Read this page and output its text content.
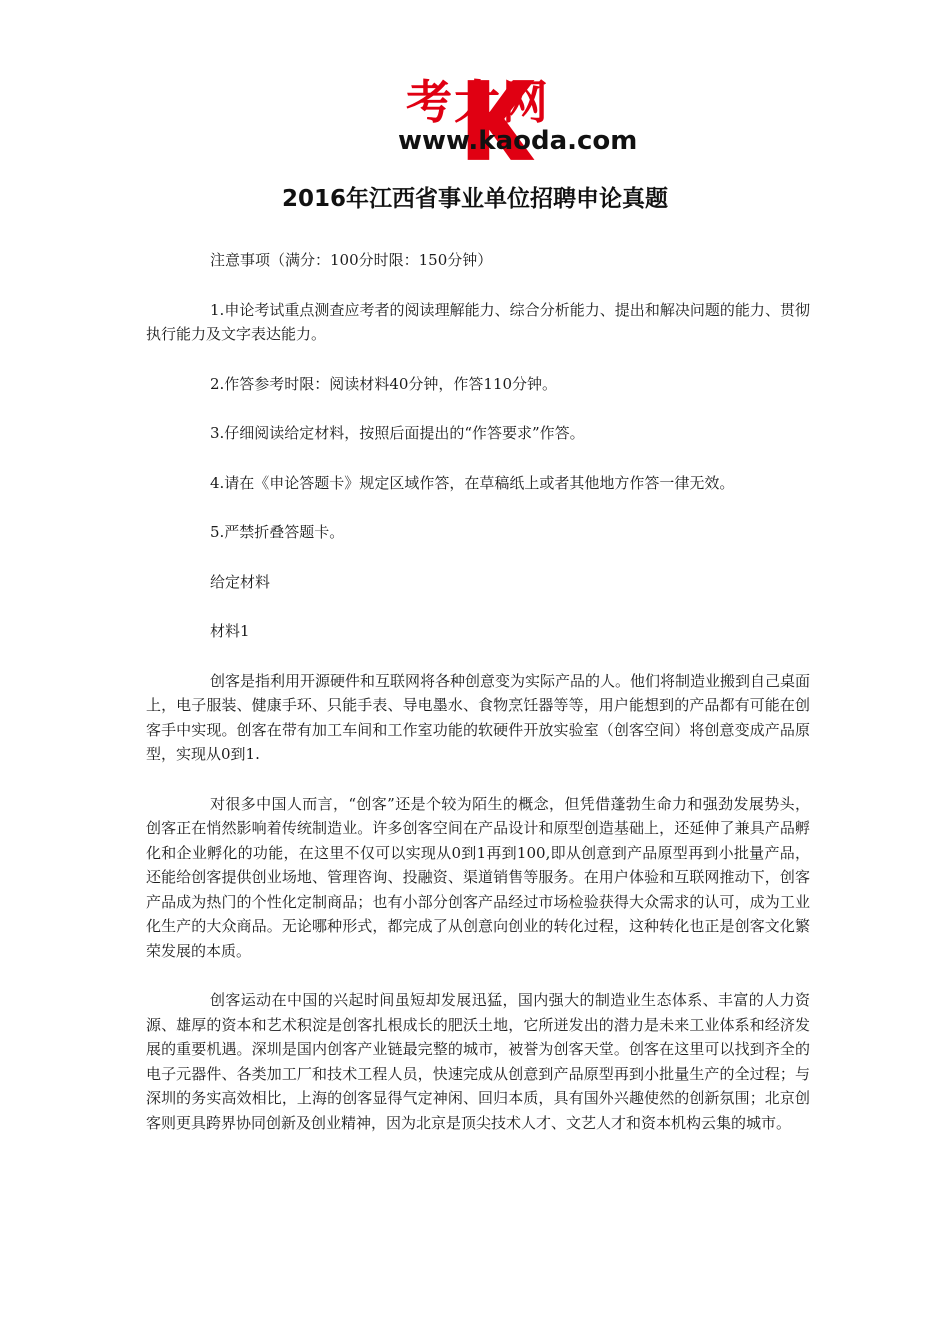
考大网
www.kaoda.com
2016年江西省事业单位招聘申论真题

注意事项（满分：100分时限：150分钟）

1.申论考试重点测查应考者的阅读理解能力、综合分析能力、提出和解决问题的能力、贯彻执行能力及文字表达能力。

2.作答参考时限：阅读材料40分钟，作答110分钟。

3.仔细阅读给定材料，按照后面提出的“作答要求”作答。

4.请在《申论答题卡》规定区域作答，在草稿纸上或者其他地方作答一律无效。

5.严禁折叠答题卡。

给定材料

材料1

创客是指利用开源硬件和互联网将各种创意变为实际产品的人。他们将制造业搬到自己桌面上，电子服装、健康手环、只能手表、导电墨水、食物烹饪器等等，用户能想到的产品都有可能在创客手中实现。创客在带有加工车间和工作室功能的软硬件开放实验室（创客空间）将创意变成产品原型，实现从0到1.

对很多中国人而言，“创客”还是个较为陌生的概念，但凭借蓬勃生命力和强劲发展势头，创客正在悄然影响着传统制造业。许多创客空间在产品设计和原型创造基础上，还延伸了兼具产品孵化和企业孵化的功能，在这里不仅可以实现从0到1再到100,即从创意到产品原型再到小批量产品，还能给创客提供创业场地、管理咨询、投融资、渠道销售等服务。在用户体验和互联网推动下，创客产品成为热门的个性化定制商品；也有小部分创客产品经过市场检验获得大众需求的认可，成为工业化生产的大众商品。无论哪种形式，都完成了从创意向创业的转化过程，这种转化也正是创客文化繁荣发展的本质。

创客运动在中国的兴起时间虽短却发展迅猛，国内强大的制造业生态体系、丰富的人力资源、雄厚的资本和艺术积淀是创客扎根成长的肥沃土地，它所迸发出的潜力是未来工业体系和经济发展的重要机遇。深圳是国内创客产业链最完整的城市，被誉为创客天堂。创客在这里可以找到齐全的电子元器件、各类加工厂和技术工程人员，快速完成从创意到产品原型再到小批量生产的全过程；与深圳的务实高效相比，上海的创客显得气定神闲、回归本质，具有国外兴趣使然的创新氛围；北京创客则更具跨界协同创新及创业精神，因为北京是顶尖技术人才、文艺人才和资本机构云集的城市。
